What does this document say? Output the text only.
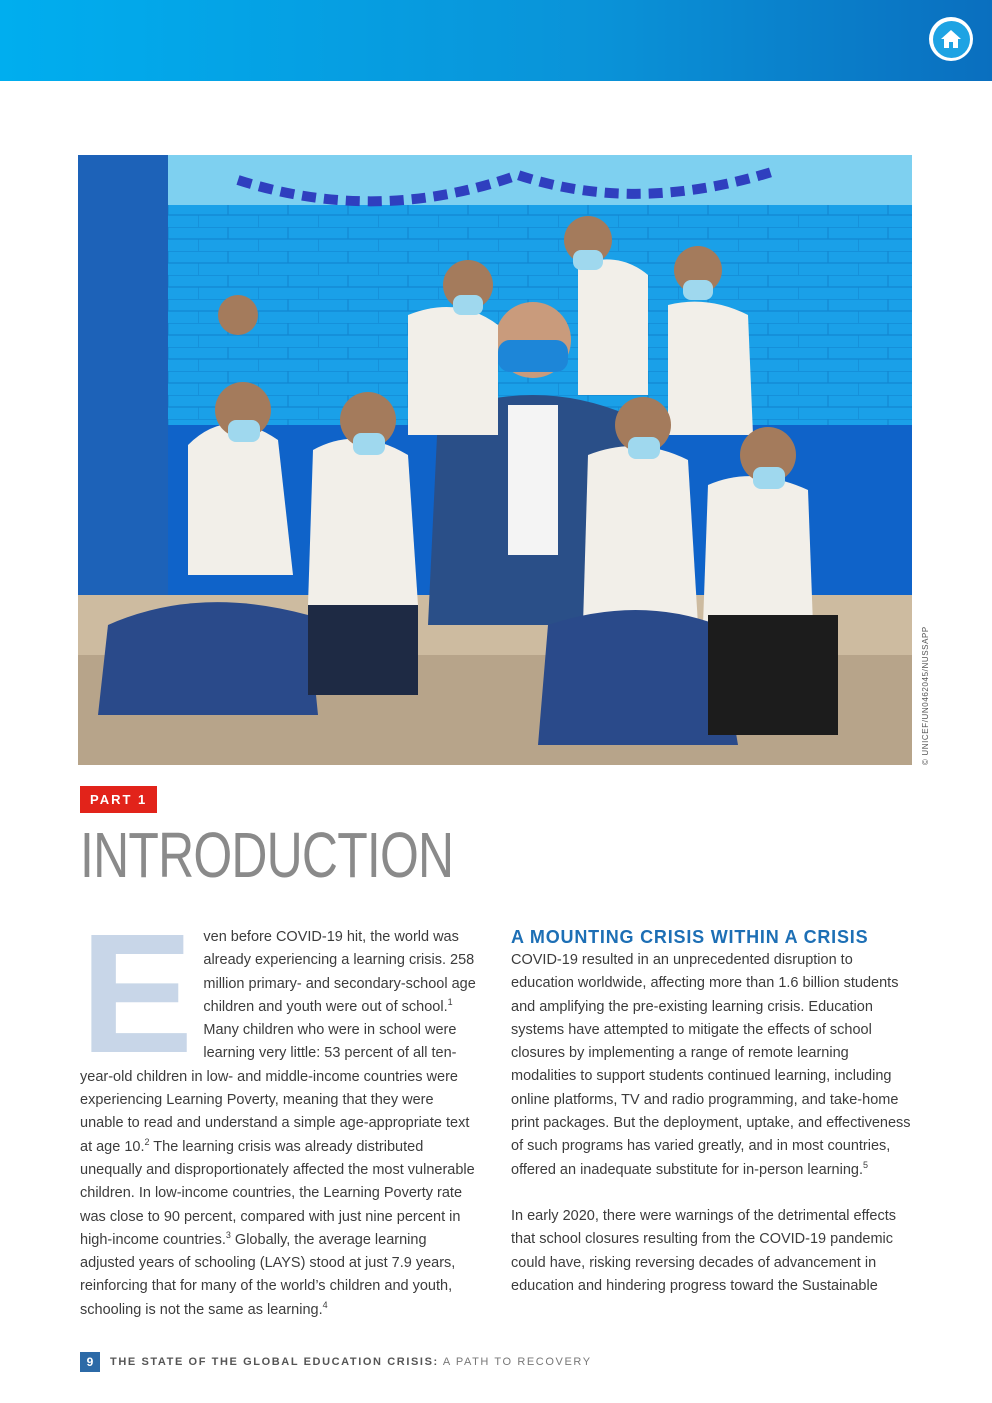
© UNICEF/UN0462045/NUSSAPP
PART 1
INTRODUCTION
E ven before COVID-19 hit, the world was already experiencing a learning crisis. 258 million primary- and secondary-school age children and youth were out of school.$^1$ Many children who were in school were learning very little: 53 percent of all ten-year-old children in low- and middle-income countries were experiencing Learning Poverty, meaning that they were unable to read and understand a simple age-appropriate text at age 10.$^2$ The learning crisis was already distributed unequally and disproportionately affected the most vulnerable children. In low-income countries, the Learning Poverty rate was close to 90 percent, compared with just nine percent in high-income countries.$^3$ Globally, the average learning adjusted years of schooling (LAYS) stood at just 7.9 years, reinforcing that for many of the world’s children and youth, schooling is not the same as learning.$^4$

A MOUNTING CRISIS WITHIN A CRISIS

COVID-19 resulted in an unprecedented disruption to education worldwide, affecting more than 1.6 billion students and amplifying the pre-existing learning crisis. Education systems have attempted to mitigate the effects of school closures by implementing a range of remote learning modalities to support students continued learning, including online platforms, TV and radio programming, and take-home print packages. But the deployment, uptake, and effectiveness of such programs has varied greatly, and in most countries, offered an inadequate substitute for in-person learning.$^5$

In early 2020, there were warnings of the detrimental effects that school closures resulting from the COVID-19 pandemic could have, risking reversing decades of advancement in education and hindering progress toward the Sustainable

9	THE STATE OF THE GLOBAL EDUCATION CRISIS: A PATH TO RECOVERY
